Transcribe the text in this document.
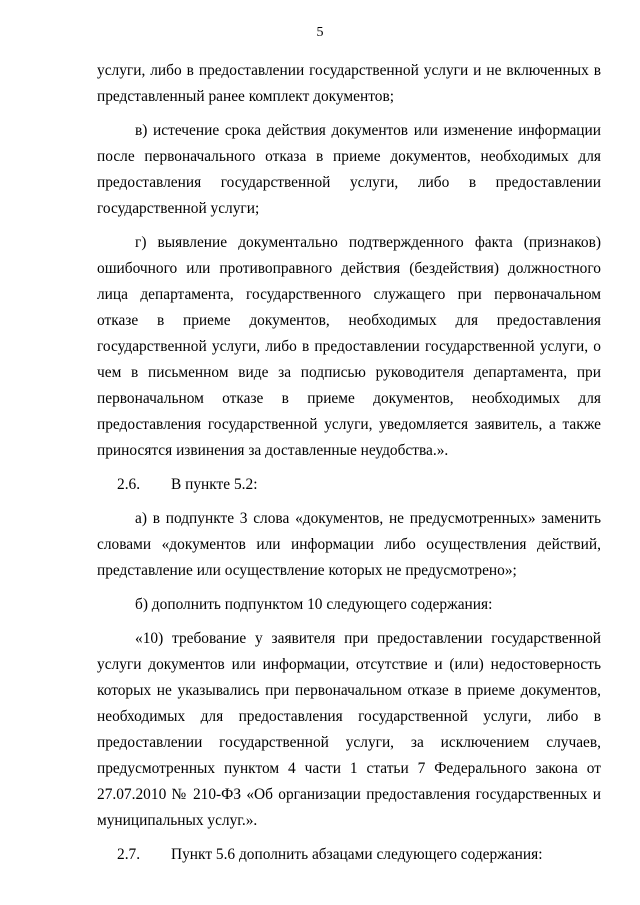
5

услуги, либо в предоставлении государственной услуги и не включенных в представленный ранее комплект документов;

в) истечение срока действия документов или изменение информации после первоначального отказа в приеме документов, необходимых для предоставления государственной услуги, либо в предоставлении государственной услуги;

г) выявление документально подтвержденного факта (признаков) ошибочного или противоправного действия (бездействия) должностного лица департамента, государственного служащего при первоначальном отказе в приеме документов, необходимых для предоставления государственной услуги, либо в предоставлении государственной услуги, о чем в письменном виде за подписью руководителя департамента, при первоначальном отказе в приеме документов, необходимых для предоставления государственной услуги, уведомляется заявитель, а также приносятся извинения за доставленные неудобства.».

2.6. В пункте 5.2:

а) в подпункте 3 слова «документов, не предусмотренных» заменить словами «документов или информации либо осуществления действий, представление или осуществление которых не предусмотрено»;

б) дополнить подпунктом 10 следующего содержания:

«10) требование у заявителя при предоставлении государственной услуги документов или информации, отсутствие и (или) недостоверность которых не указывались при первоначальном отказе в приеме документов, необходимых для предоставления государственной услуги, либо в предоставлении государственной услуги, за исключением случаев, предусмотренных пунктом 4 части 1 статьи 7 Федерального закона от 27.07.2010 № 210-ФЗ «Об организации предоставления государственных и муниципальных услуг.».

2.7. Пункт 5.6 дополнить абзацами следующего содержания:
